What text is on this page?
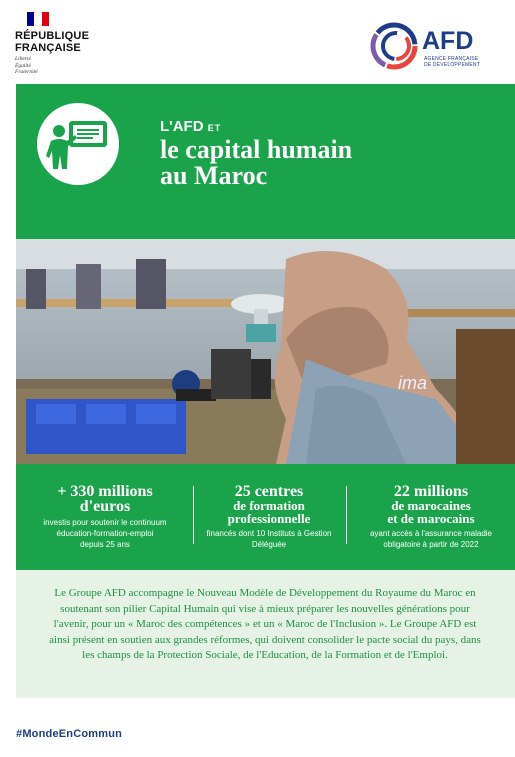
RÉPUBLIQUE
FRANÇAISE
Liberté
Égalité
Fraternité
AFD
AGENCE FRANÇAISE
DE DÉVELOPPEMENT
L'AFD ET
le capital humain
au Maroc
ima
+ 330 millions
d'euros
investis pour soutenir le continuum
éducation-formation-emploi
depuis 25 ans
25 centres
de formation
professionnelle
financés dont 10 Instituts à Gestion
Déléguée
22 millions
de marocaines
et de marocains
ayant accès à l'assurance maladie
obligatoire à partir de 2022
Le Groupe AFD accompagne le Nouveau Modèle de Développement du Royaume du Maroc en soutenant son pilier Capital Humain qui vise à mieux préparer les nouvelles générations pour l'avenir, pour un « Maroc des compétences » et un « Maroc de l'Inclusion ». Le Groupe AFD est ainsi présent en soutien aux grandes réformes, qui doivent consolider le pacte social du pays, dans les champs de la Protection Sociale, de l'Education, de la Formation et de l'Emploi.
#MondeEnCommun
